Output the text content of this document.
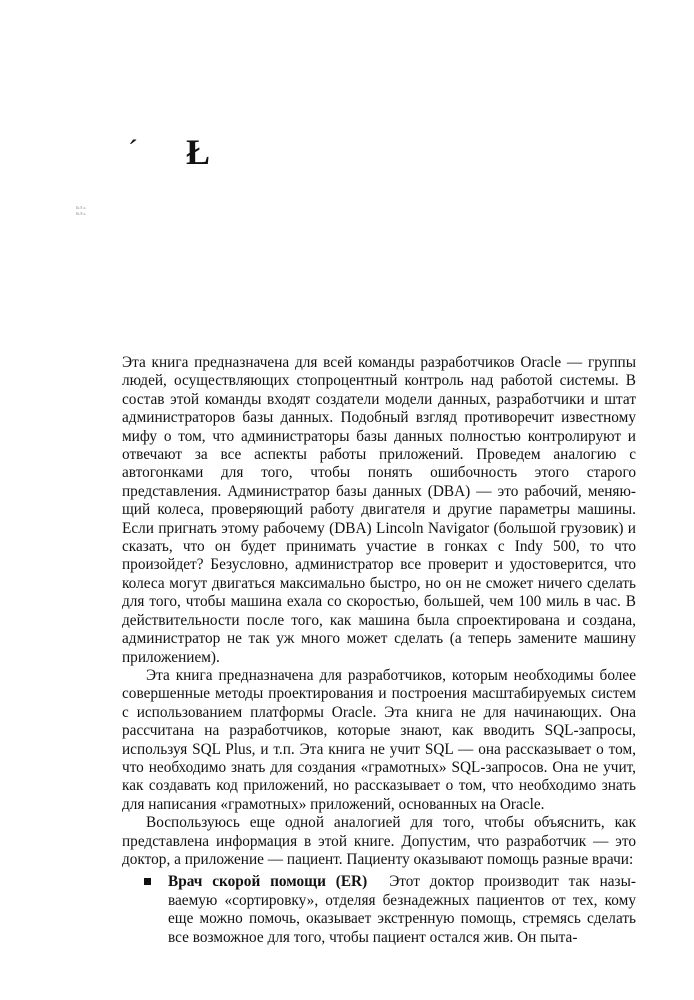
´ Ł
Ik.E.s.
Ik.E.s.

Эта книга предназначена для всей команды разработчиков Oracle — группы людей, осуществляющих стопроцентный контроль над работой системы. В состав этой команды входят создатели модели данных, разработчики и штат администраторов базы данных. Подобный взгляд противоречит известному мифу о том, что администраторы базы данных полностью контролируют и отвечают за все аспекты работы приложений. Проведем аналогию с автогонками для того, чтобы понять ошибочность этого старого представления. Администратор базы данных (DBA) — это рабочий, меняющий колеса, проверяющий работу двигателя и другие параметры машины. Если пригнать этому рабочему (DBA) Lincoln Navigator (большой грузовик) и сказать, что он будет принимать участие в гонках с Indy 500, то что произойдет? Безусловно, администратор все проверит и удостоверится, что колеса могут двигаться максимально быстро, но он не сможет ничего сделать для того, чтобы машина ехала со скоростью, большей, чем 100 миль в час. В действительности после того, как машина была спроектирована и создана, администратор не так уж много может сделать (а теперь замените машину приложением).

Эта книга предназначена для разработчиков, которым необходимы более совершенные методы проектирования и построения масштабируемых систем с использованием платформы Oracle. Эта книга не для начинающих. Она рассчитана на разработчиков, которые знают, как вводить SQL-запросы, используя SQL Plus, и т.п. Эта книга не учит SQL — она рассказывает о том, что необходимо знать для создания «грамотных» SQL-запросов. Она не учит, как создавать код приложений, но рассказывает о том, что необходимо знать для написания «грамотных» приложений, основанных на Oracle.

Воспользуюсь еще одной аналогией для того, чтобы объяснить, как представлена информация в этой книге. Допустим, что разработчик — это доктор, а приложение — пациент. Пациенту оказывают помощь разные врачи:

Врач скорой помощи (ER) Этот доктор производит так называемую «сортировку», отделяя безнадежных пациентов от тех, кому еще можно помочь, оказывает экстренную помощь, стремясь сделать все возможное для того, чтобы пациент остался жив. Он пыта-
